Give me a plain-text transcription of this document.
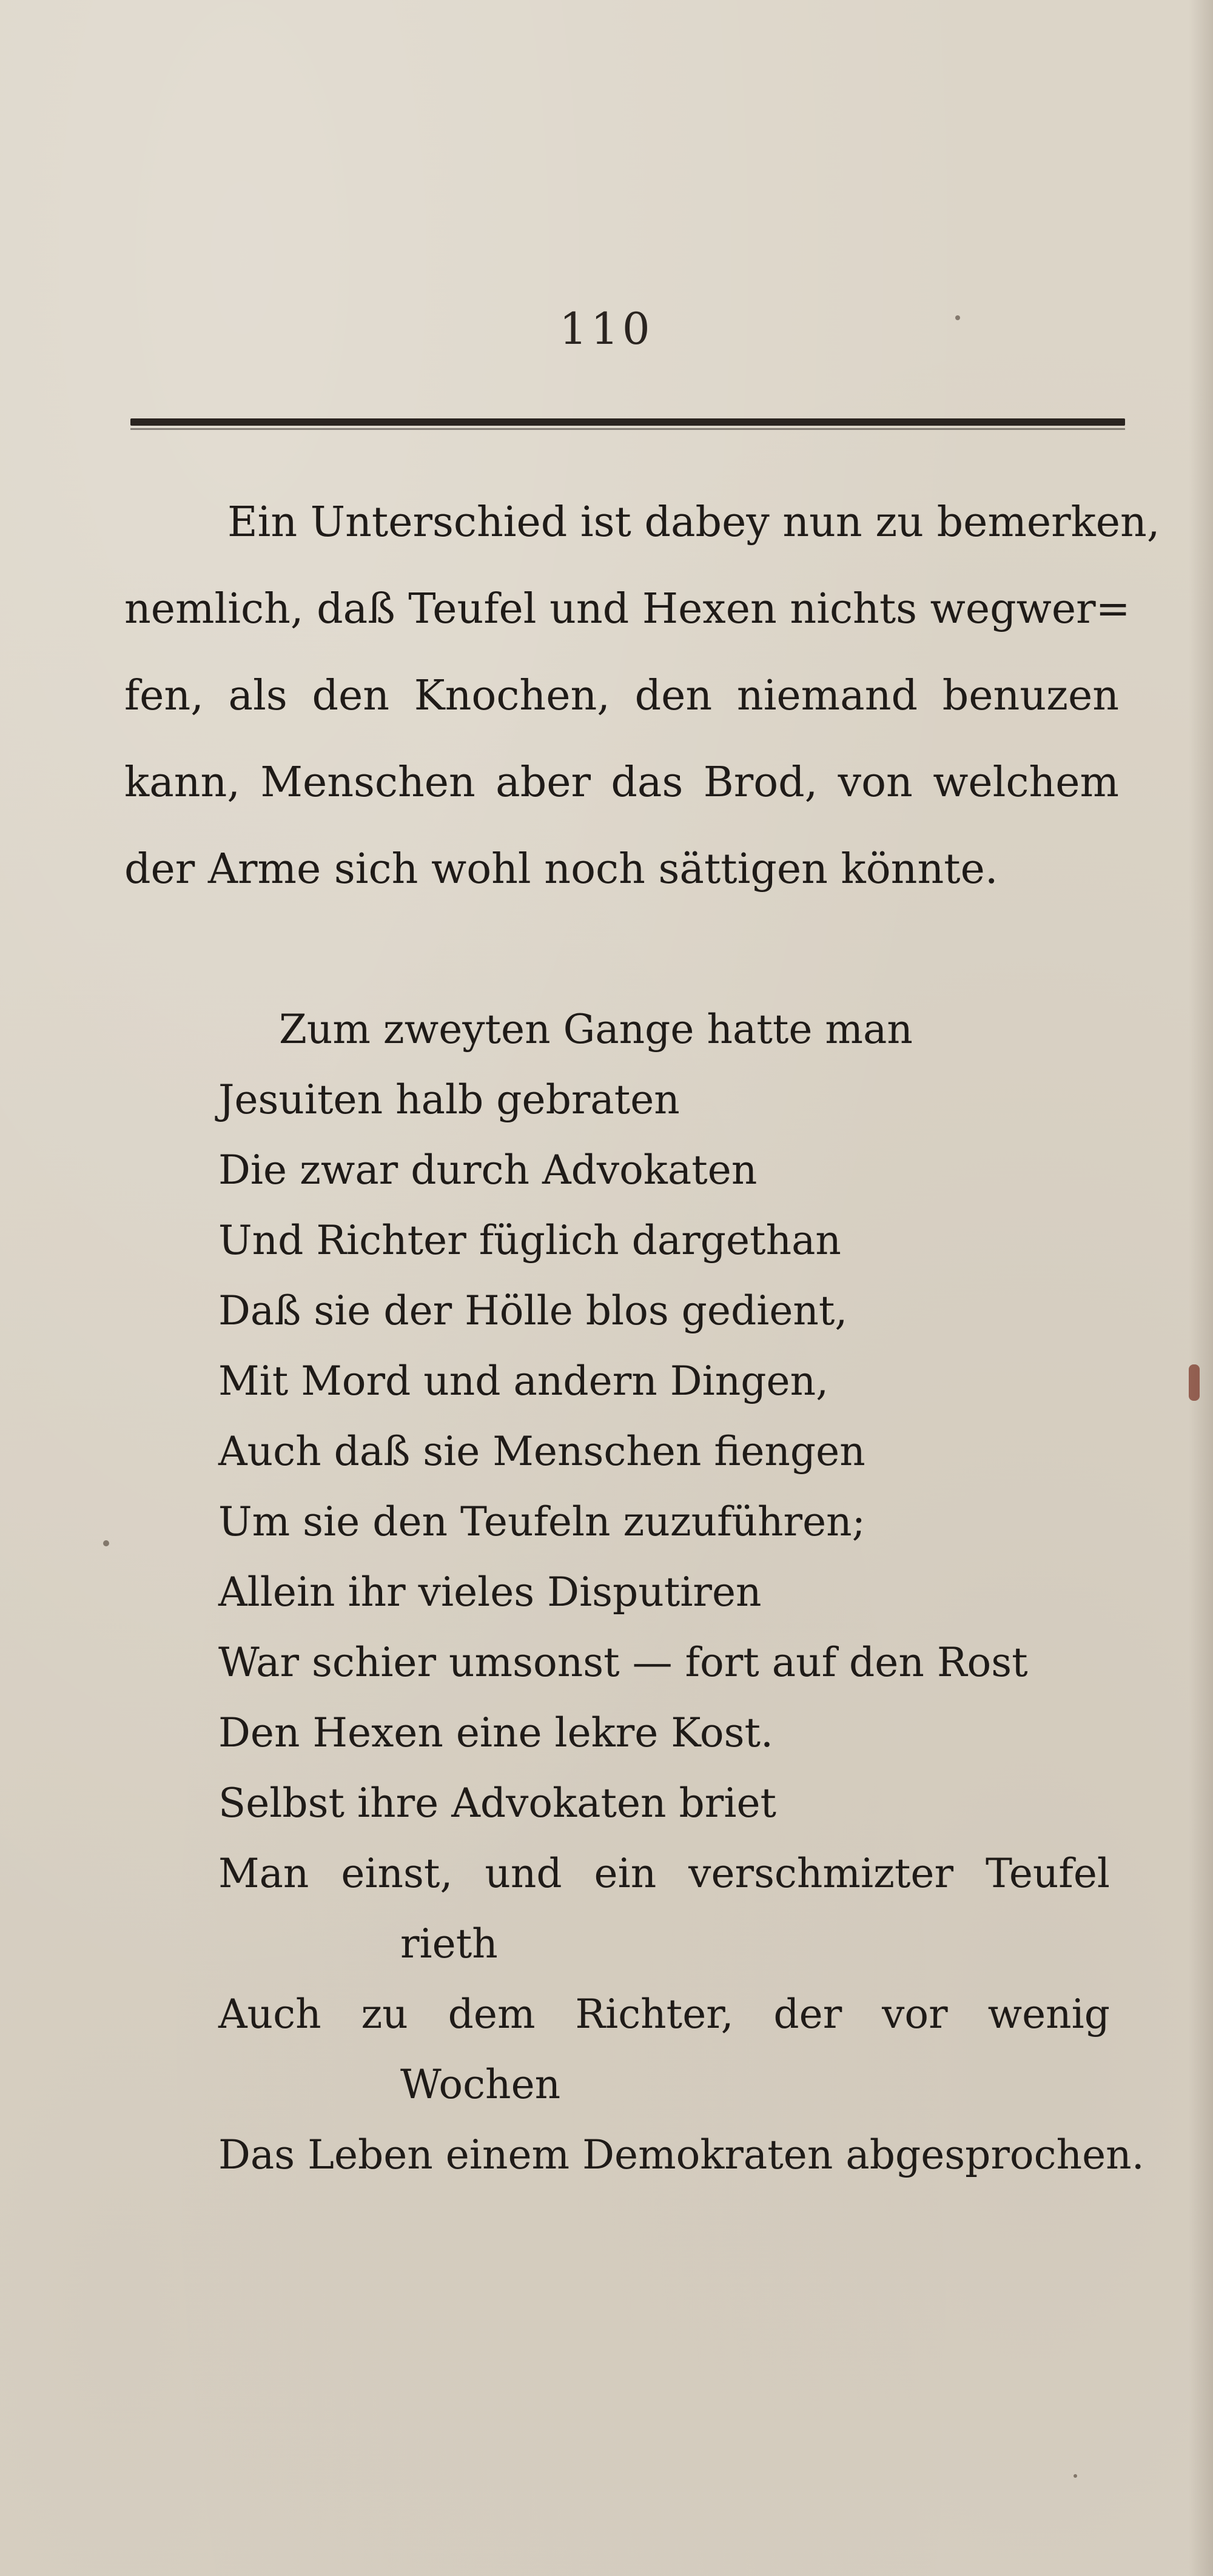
110
Ein Unterschied ist dabey nun zu bemerken,
nemlich, daß Teufel und Hexen nichts wegwer=
fen, als den Knochen, den niemand benuzen
kann, Menschen aber das Brod, von welchem
der Arme sich wohl noch sättigen könnte.
Zum zweyten Gange hatte man
Jesuiten halb gebraten
Die zwar durch Advokaten
Und Richter füglich dargethan
Daß sie der Hölle blos gedient,
Mit Mord und andern Dingen,
Auch daß sie Menschen fiengen
Um sie den Teufeln zuzuführen;
Allein ihr vieles Disputiren
War schier umsonst — fort auf den Rost
Den Hexen eine lekre Kost.
Selbst ihre Advokaten briet
Man einst, und ein verschmizter Teufel
rieth
Auch zu dem Richter, der vor wenig
Wochen
Das Leben einem Demokraten abgesprochen.
